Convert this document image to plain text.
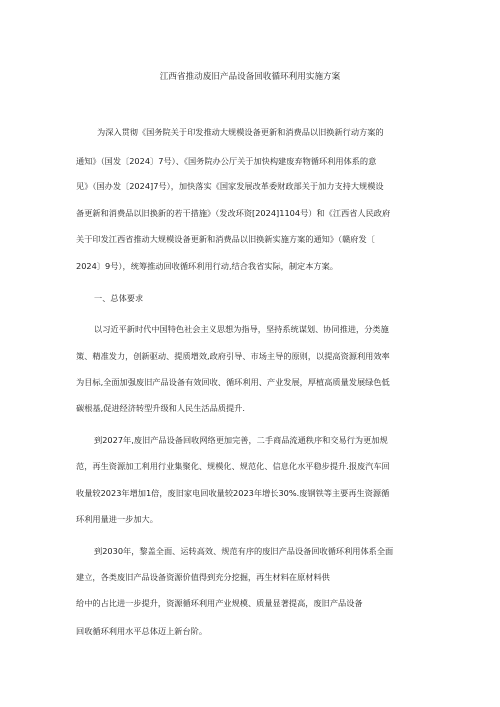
江西省推动废旧产品设备回收循环利用实施方案
为深入贯彻《国务院关于印发推动大规模设备更新和消费品以旧换新行动方案的
通知》（国发〔2024〕7号）、《国务院办公厅关于加快构建废弃物循环利用体系的意
见》（国办发〔2024]7号），加快落实《国家发展改革委财政部关于加力支持大规模设
备更新和消费品以旧换新的若干措施》（发改环资[2024]1104号）和《江西省人民政府
关于印发江西省推动大规模设备更新和消费品以旧换新实施方案的通知》（赣府发〔
2024〕9号），统筹推动回收循环利用行动,结合我省实际，制定本方案。
一、总体要求
以习近平新时代中国特色社会主义思想为指导，坚持系统谋划、协同推进，分类施
策、精准发力，创新驱动、提质增效,政府引导、市场主导的原则，以提高资源利用效率
为目标,全面加强废旧产品设备有效回收、循环利用、产业发展，厚植高质量发展绿色低
碳根基,促进经济转型升级和人民生活品质提升.
到2027年,废旧产品设备回收网络更加完善，二手商品流通秩序和交易行为更加规
范，再生资源加工利用行业集聚化、规模化、规范化、信息化水平稳步提升.报废汽车回
收量较2023年增加1倍，废旧家电回收量较2023年增长30%.废钢铁等主要再生资源循
环利用量进一步加大。
到2030年，黎盖全面、运转高效、规范有序的废旧产品设备回收循环利用体系全面
建立，各类废旧产品设备资源价值得到充分挖掘，再生材料在原材料供
给中的占比进一步提升，资源循环利用产业规模、质量显著提高，废旧产品设备
回收循环利用水平总体迈上新台阶。
